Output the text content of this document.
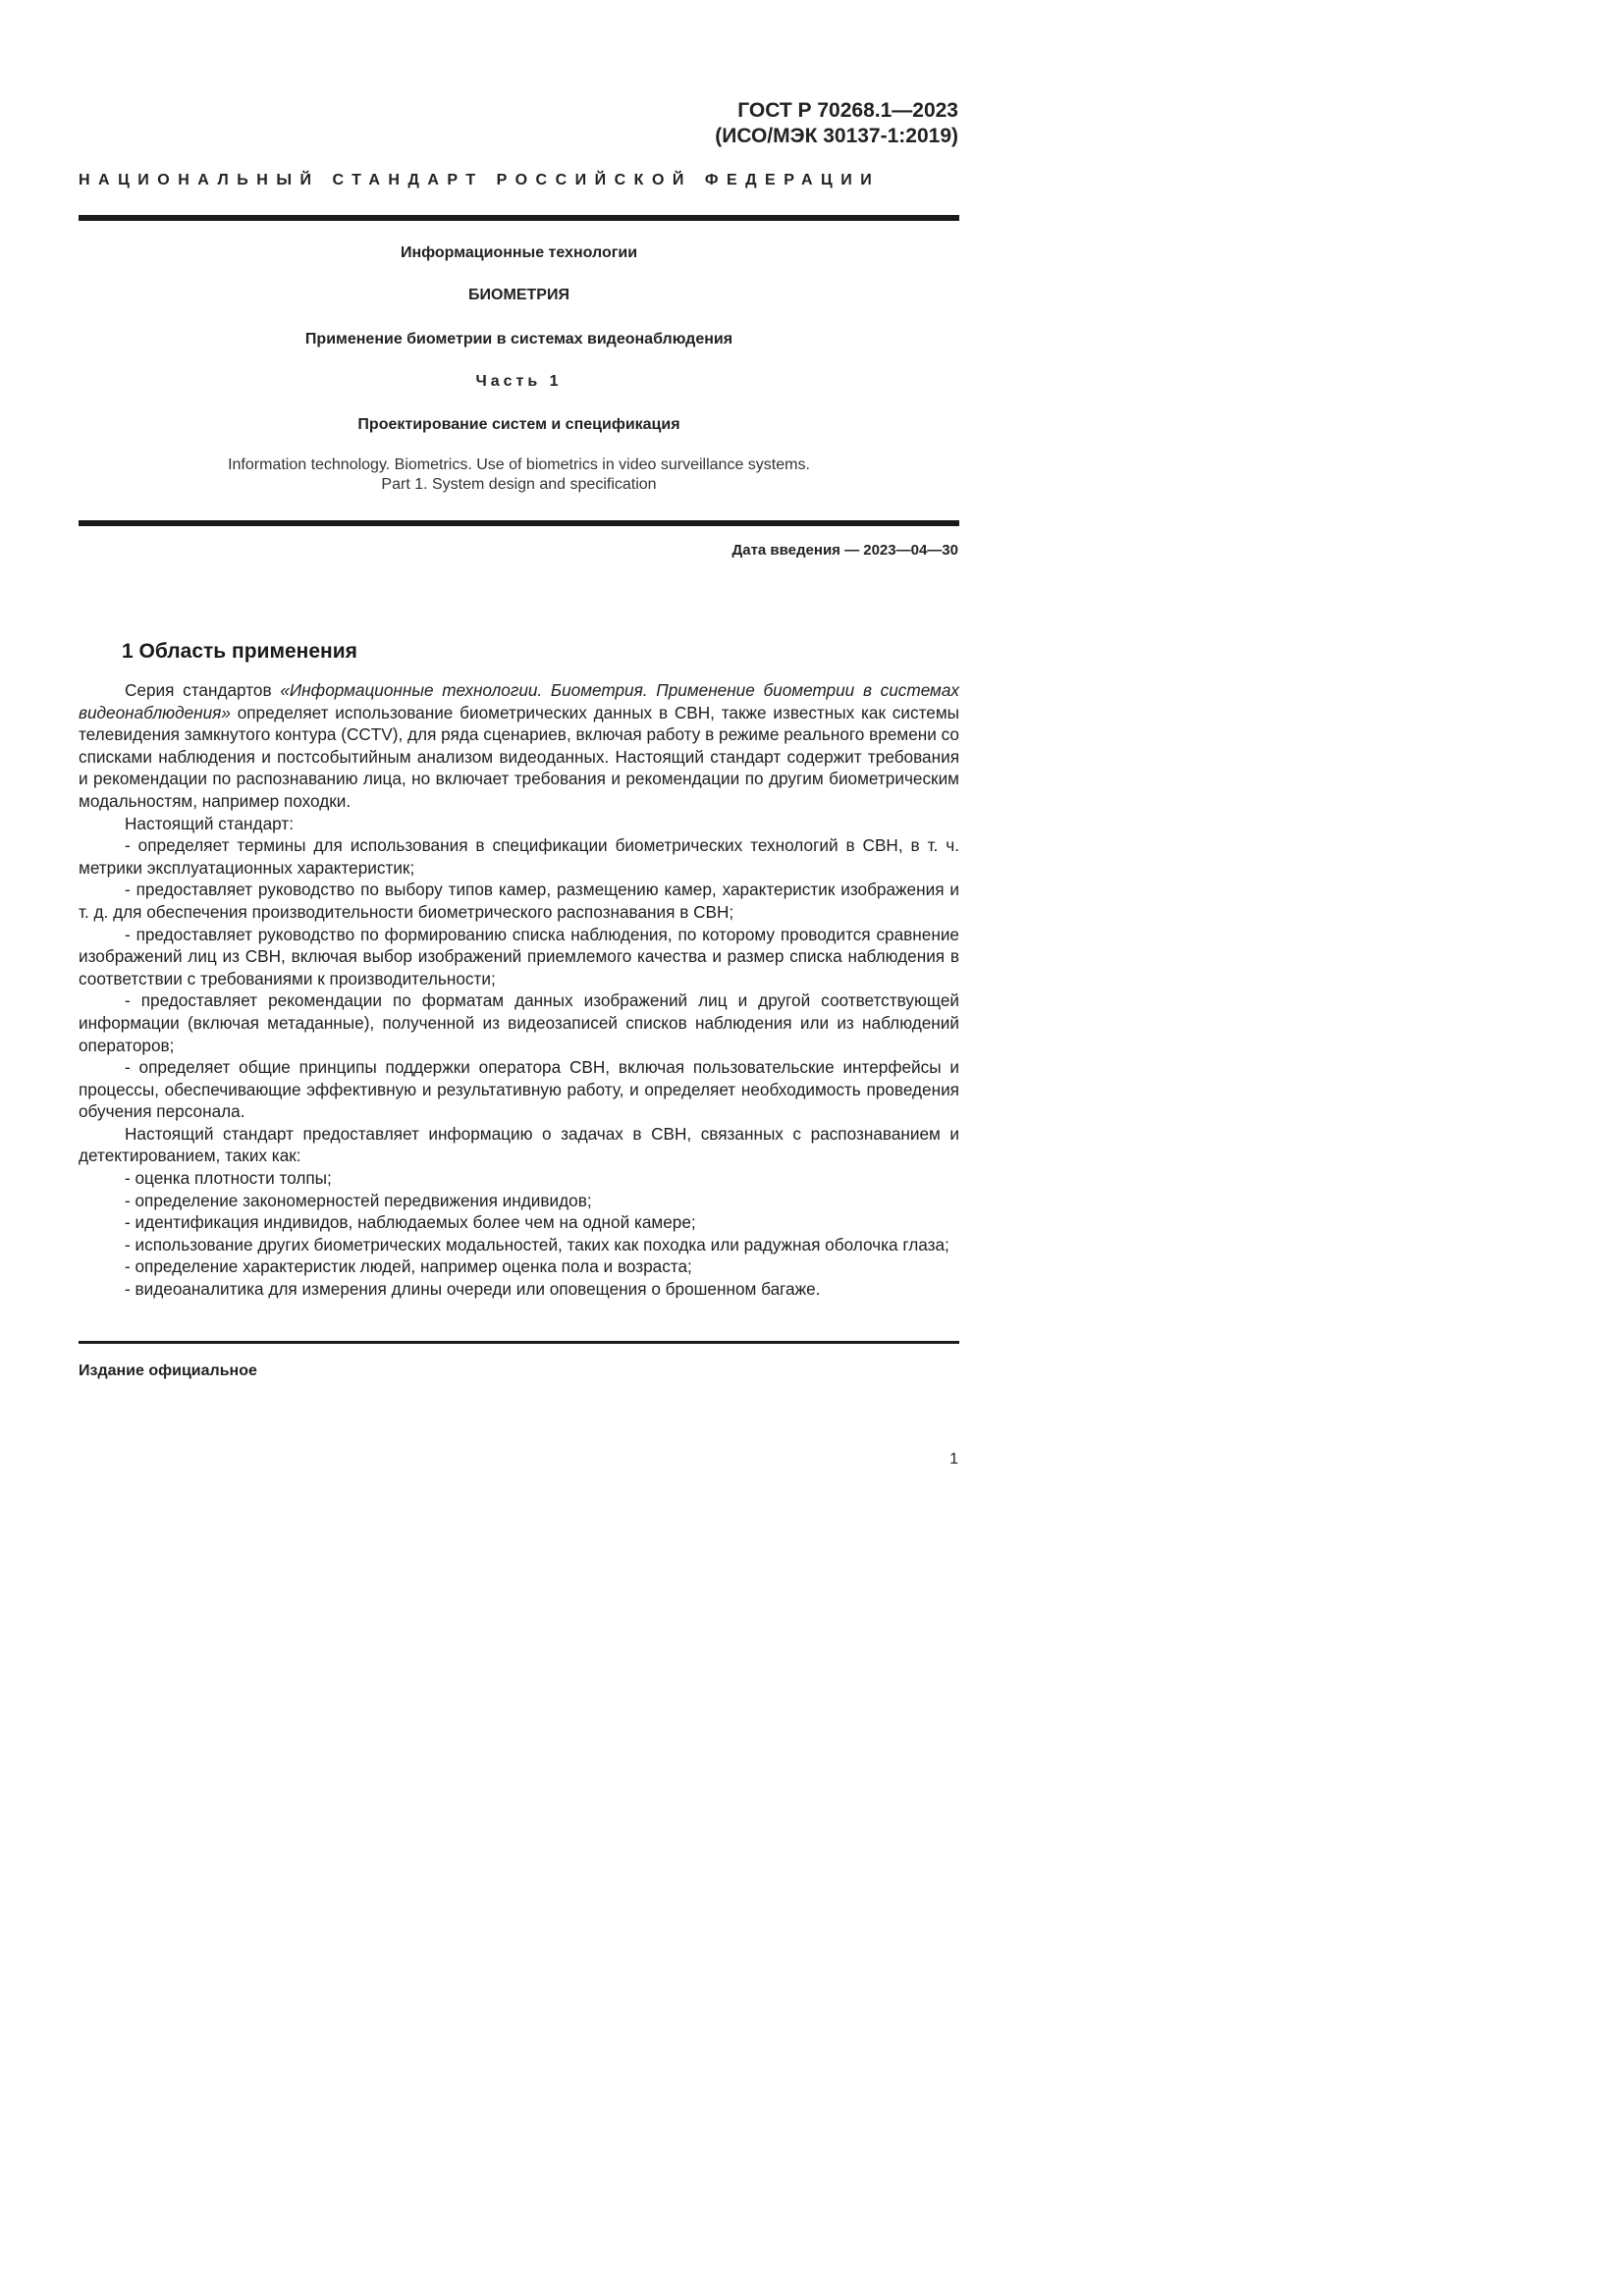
ГОСТ Р 70268.1—2023
(ИСО/МЭК 30137-1:2019)
НАЦИОНАЛЬНЫЙ СТАНДАРТ РОССИЙСКОЙ ФЕДЕРАЦИИ
Информационные технологии
БИОМЕТРИЯ
Применение биометрии в системах видеонаблюдения
Часть 1
Проектирование систем и спецификация
Information technology. Biometrics. Use of biometrics in video surveillance systems.
Part 1. System design and specification
Дата введения — 2023—04—30
1 Область применения

Серия стандартов «Информационные технологии. Биометрия. Применение биометрии в системах видеонаблюдения» определяет использование биометрических данных в СВН, также известных как системы телевидения замкнутого контура (CCTV), для ряда сценариев, включая работу в режиме реального времени со списками наблюдения и постсобытийным анализом видеоданных. Настоящий стандарт содержит требования и рекомендации по распознаванию лица, но включает требования и рекомендации по другим биометрическим модальностям, например походки.

Настоящий стандарт:

- определяет термины для использования в спецификации биометрических технологий в СВН, в т. ч. метрики эксплуатационных характеристик;

- предоставляет руководство по выбору типов камер, размещению камер, характеристик изображения и т. д. для обеспечения производительности биометрического распознавания в СВН;

- предоставляет руководство по формированию списка наблюдения, по которому проводится сравнение изображений лиц из СВН, включая выбор изображений приемлемого качества и размер списка наблюдения в соответствии с требованиями к производительности;

- предоставляет рекомендации по форматам данных изображений лиц и другой соответствующей информации (включая метаданные), полученной из видеозаписей списков наблюдения или из наблюдений операторов;

- определяет общие принципы поддержки оператора СВН, включая пользовательские интерфейсы и процессы, обеспечивающие эффективную и результативную работу, и определяет необходимость проведения обучения персонала.

Настоящий стандарт предоставляет информацию о задачах в СВН, связанных с распознаванием и детектированием, таких как:

- оценка плотности толпы;

- определение закономерностей передвижения индивидов;

- идентификация индивидов, наблюдаемых более чем на одной камере;

- использование других биометрических модальностей, таких как походка или радужная оболочка глаза;

- определение характеристик людей, например оценка пола и возраста;

- видеоаналитика для измерения длины очереди или оповещения о брошенном багаже.

Издание официальное
1
